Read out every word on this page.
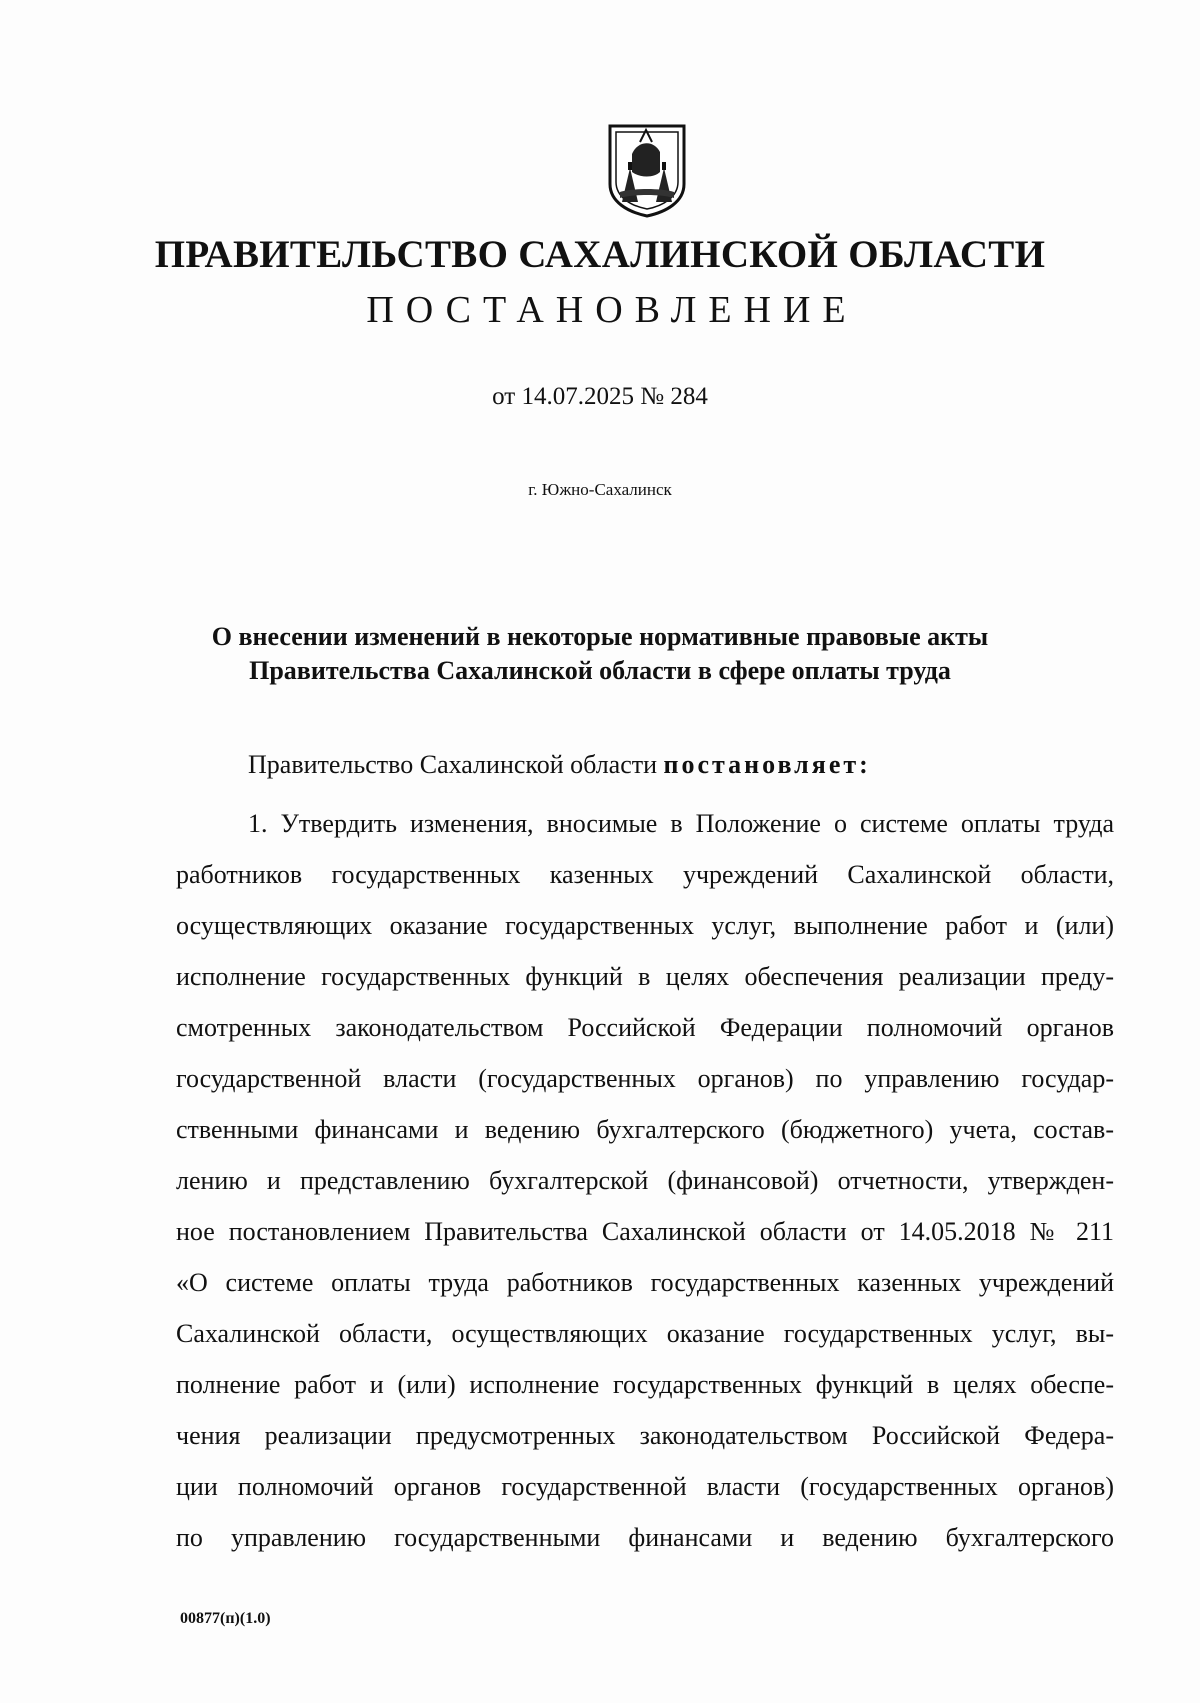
ПРАВИТЕЛЬСТВО САХАЛИНСКОЙ ОБЛАСТИ
ПОСТАНОВЛЕНИЕ
от 14.07.2025 № 284
г. Южно-Сахалинск
О внесении изменений в некоторые нормативные правовые акты
Правительства Сахалинской области в сфере оплаты труда
Правительство Сахалинской области постановляет:
1. Утвердить изменения, вносимые в Положение о системе оплаты труда
работников государственных казенных учреждений Сахалинской области,
осуществляющих оказание государственных услуг, выполнение работ и (или)
исполнение государственных функций в целях обеспечения реализации преду-
смотренных законодательством Российской Федерации полномочий органов
государственной власти (государственных органов) по управлению государ-
ственными финансами и ведению бухгалтерского (бюджетного) учета, состав-
лению и представлению бухгалтерской (финансовой) отчетности, утвержден-
ное постановлением Правительства Сахалинской области от 14.05.2018 № 211
«О системе оплаты труда работников государственных казенных учреждений
Сахалинской области, осуществляющих оказание государственных услуг, вы-
полнение работ и (или) исполнение государственных функций в целях обеспе-
чения реализации предусмотренных законодательством Российской Федера-
ции полномочий органов государственной власти (государственных органов)
по управлению государственными финансами и ведению бухгалтерского
00877(п)(1.0)
